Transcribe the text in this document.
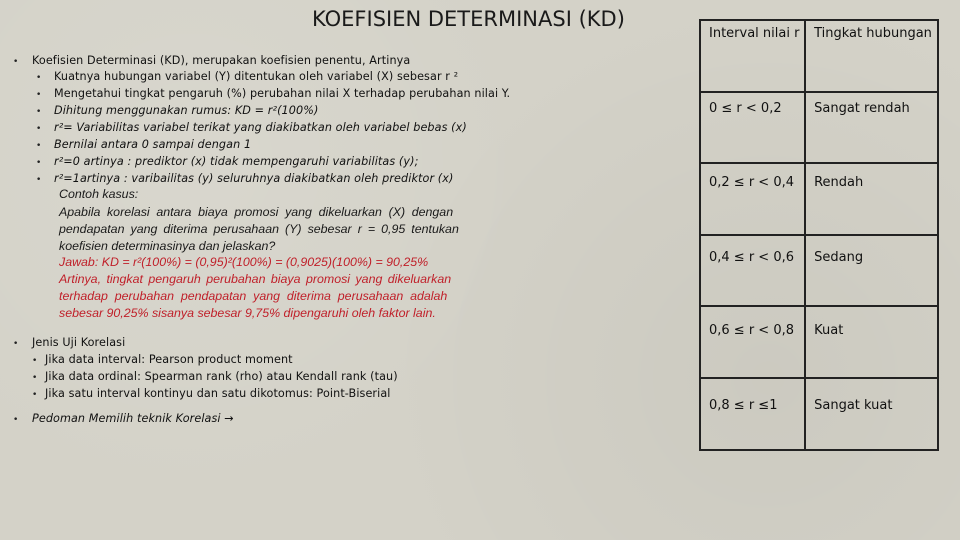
KOEFISIEN DETERMINASI (KD)
• Koefisien Determinasi (KD), merupakan koefisien penentu, Artinya
• Kuatnya hubungan variabel (Y) ditentukan oleh variabel (X) sebesar r ²
• Mengetahui tingkat pengaruh (%) perubahan nilai X terhadap perubahan nilai Y.
• Dihitung menggunakan rumus: KD = r²(100%)
• r²= Variabilitas variabel terikat yang diakibatkan oleh variabel bebas (x)
• Bernilai antara 0 sampai dengan 1
• r²=0 artinya : prediktor (x) tidak mempengaruhi variabilitas (y);
• r²=1artinya : varibailitas (y) seluruhnya diakibatkan oleh prediktor (x)
Contoh kasus:
Apabila korelasi antara biaya promosi yang dikeluarkan (X) dengan
pendapatan yang diterima perusahaan (Y) sebesar r = 0,95 tentukan
koefisien determinasinya dan jelaskan?
Jawab: KD = r²(100%) = (0,95)²(100%) = (0,9025)(100%) = 90,25%
Artinya, tingkat pengaruh perubahan biaya promosi yang dikeluarkan
terhadap perubahan pendapatan yang diterima perusahaan adalah
sebesar 90,25% sisanya sebesar 9,75% dipengaruhi oleh faktor lain.
• Jenis Uji Korelasi
• Jika data interval: Pearson product moment
• Jika data ordinal: Spearman rank (rho) atau Kendall rank (tau)
• Jika satu interval kontinyu dan satu dikotomus: Point-Biserial
• Pedoman Memilih teknik Korelasi →
Interval nilai r	Tingkat hubungan
0 ≤ r < 0,2	Sangat rendah
0,2 ≤ r < 0,4	Rendah
0,4 ≤ r < 0,6	Sedang
0,6 ≤ r < 0,8	Kuat
0,8 ≤ r ≤1	Sangat kuat
